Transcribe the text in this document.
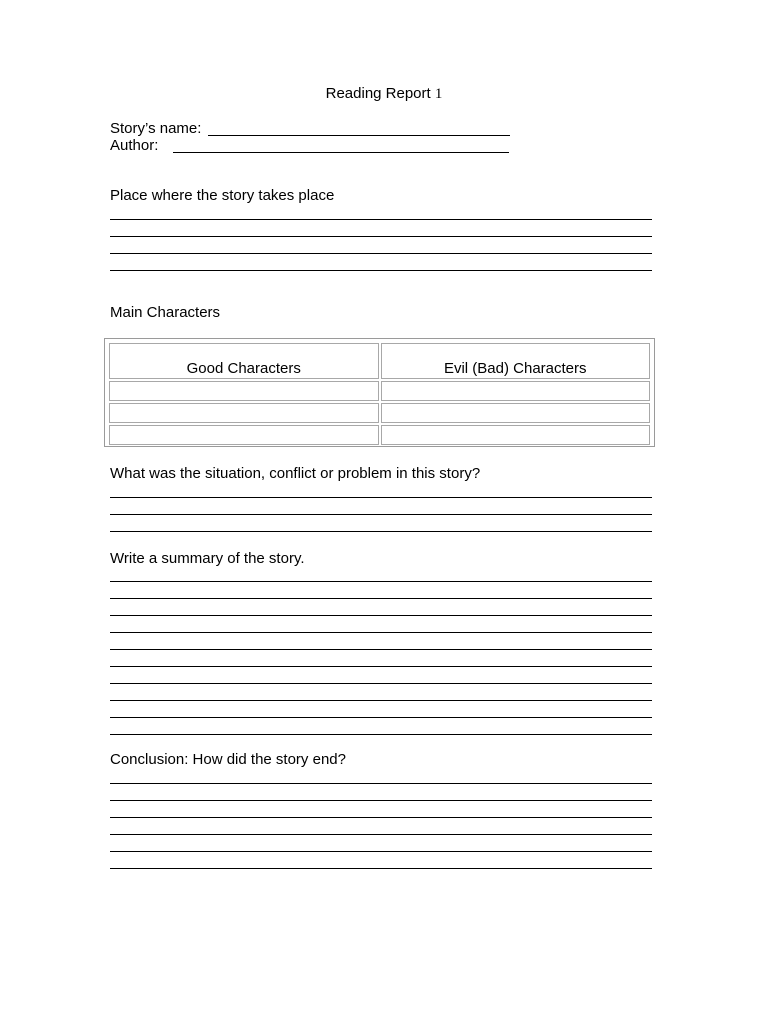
Reading Report 1
Story’s name:
Author:
Place where the story takes place
Main Characters
Good Characters	Evil (Bad) Characters

What was the situation, conflict or problem in this story?
Write a summary of the story.
Conclusion: How did the story end?
